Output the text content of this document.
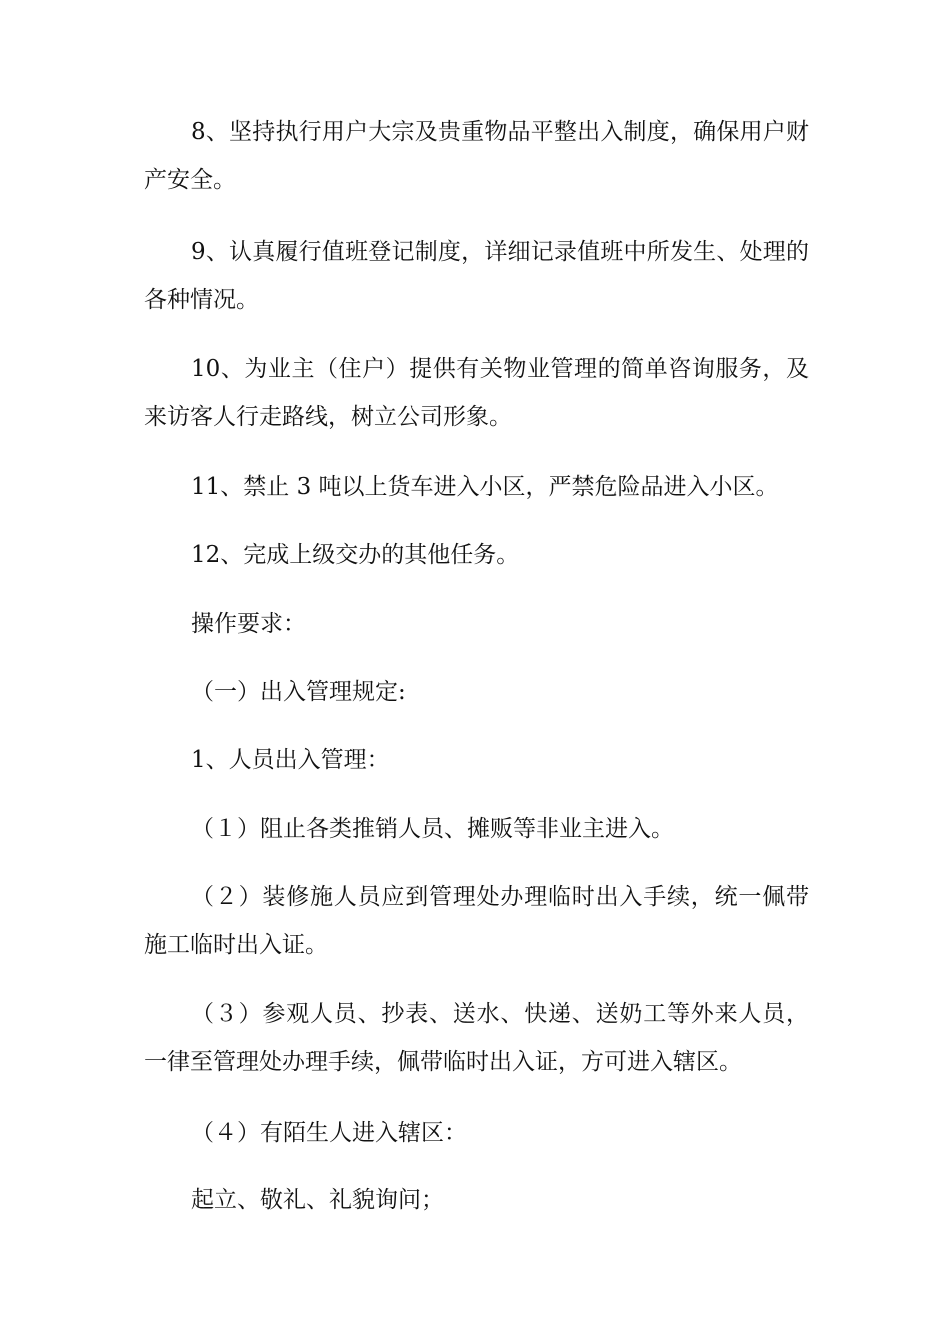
8、坚持执行用户大宗及贵重物品平整出入制度，确保用户财产安全。

9、认真履行值班登记制度，详细记录值班中所发生、处理的各种情况。

10、为业主（住户）提供有关物业管理的简单咨询服务，及来访客人行走路线，树立公司形象。

11、禁止 3 吨以上货车进入小区，严禁危险品进入小区。

12、完成上级交办的其他任务。

操作要求：

（一）出入管理规定:

1、人员出入管理：

（１）阻止各类推销人员、摊贩等非业主进入。

（２）装修施人员应到管理处办理临时出入手续，统一佩带施工临时出入证。

（３）参观人员、抄表、送水、快递、送奶工等外来人员，一律至管理处办理手续，佩带临时出入证，方可进入辖区。

（４）有陌生人进入辖区：

起立、敬礼、礼貌询问；
